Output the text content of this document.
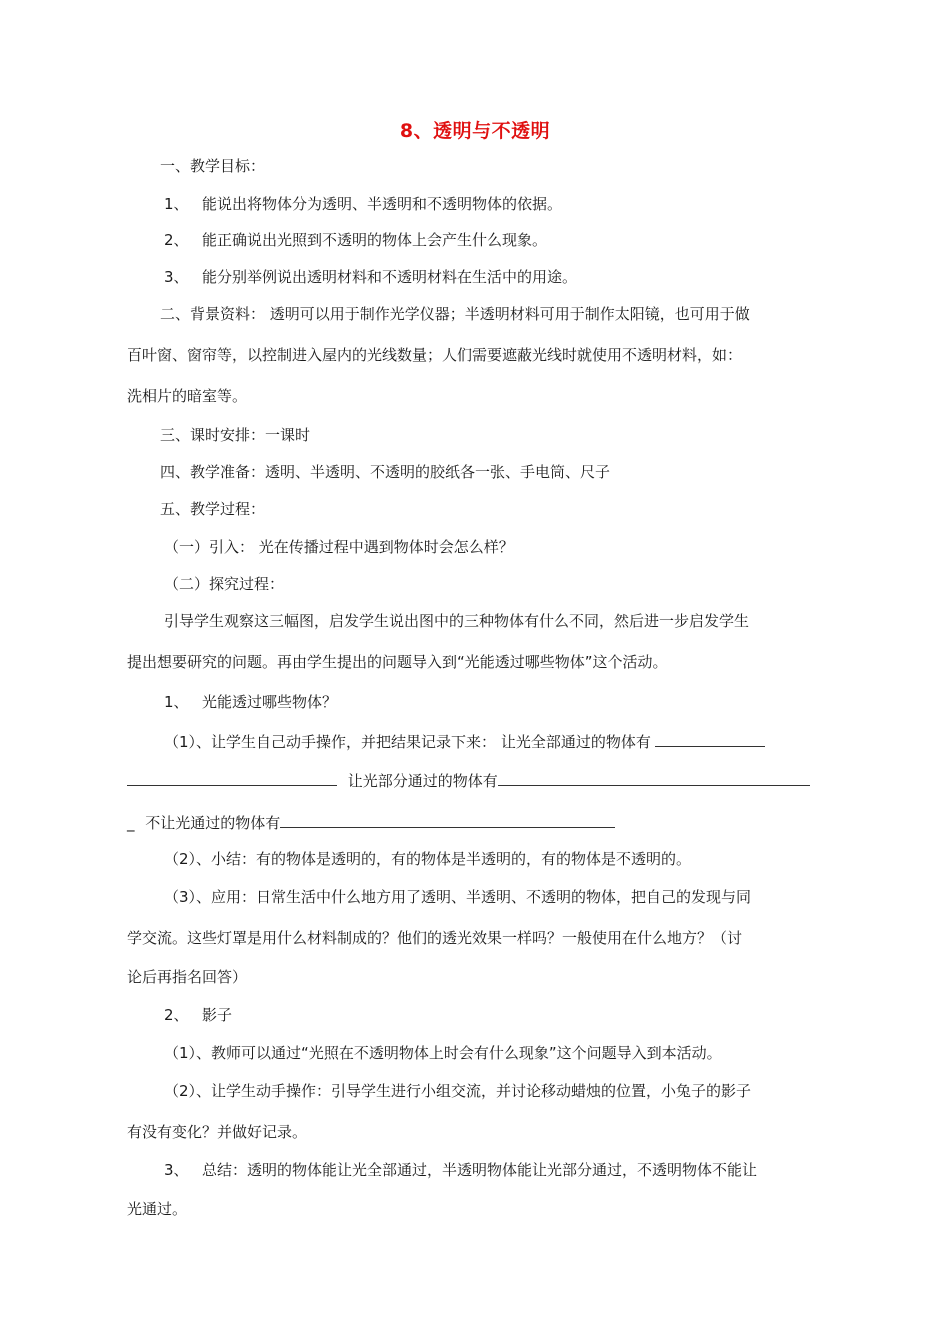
8、透明与不透明
一、教学目标：
1、 能说出将物体分为透明、半透明和不透明物体的依据。
2、 能正确说出光照到不透明的物体上会产生什么现象。
3、 能分别举例说出透明材料和不透明材料在生活中的用途。
二、背景资料： 透明可以用于制作光学仪器；半透明材料可用于制作太阳镜，也可用于做
百叶窗、窗帘等，以控制进入屋内的光线数量；人们需要遮蔽光线时就使用不透明材料，如：
洗相片的暗室等。
三、课时安排：一课时
四、教学准备：透明、半透明、不透明的胶纸各一张、手电筒、尺子
五、教学过程：
（一）引入： 光在传播过程中遇到物体时会怎么样？
（二）探究过程：
引导学生观察这三幅图，启发学生说出图中的三种物体有什么不同，然后进一步启发学生
提出想要研究的问题。再由学生提出的问题导入到“光能透过哪些物体”这个活动。
1、 光能透过哪些物体？
（1）、让学生自己动手操作，并把结果记录下来： 让光全部通过的物体有
让光部分通过的物体有
_ 不让光通过的物体有
（2）、小结：有的物体是透明的，有的物体是半透明的，有的物体是不透明的。
（3）、应用：日常生活中什么地方用了透明、半透明、不透明的物体，把自己的发现与同
学交流。这些灯罩是用什么材料制成的？他们的透光效果一样吗？一般使用在什么地方？（讨
论后再指名回答）
2、 影子
（1）、教师可以通过“光照在不透明物体上时会有什么现象”这个问题导入到本活动。
（2）、让学生动手操作：引导学生进行小组交流，并讨论移动蜡烛的位置，小兔子的影子
有没有变化？并做好记录。
3、 总结：透明的物体能让光全部通过，半透明物体能让光部分通过，不透明物体不能让
光通过。
